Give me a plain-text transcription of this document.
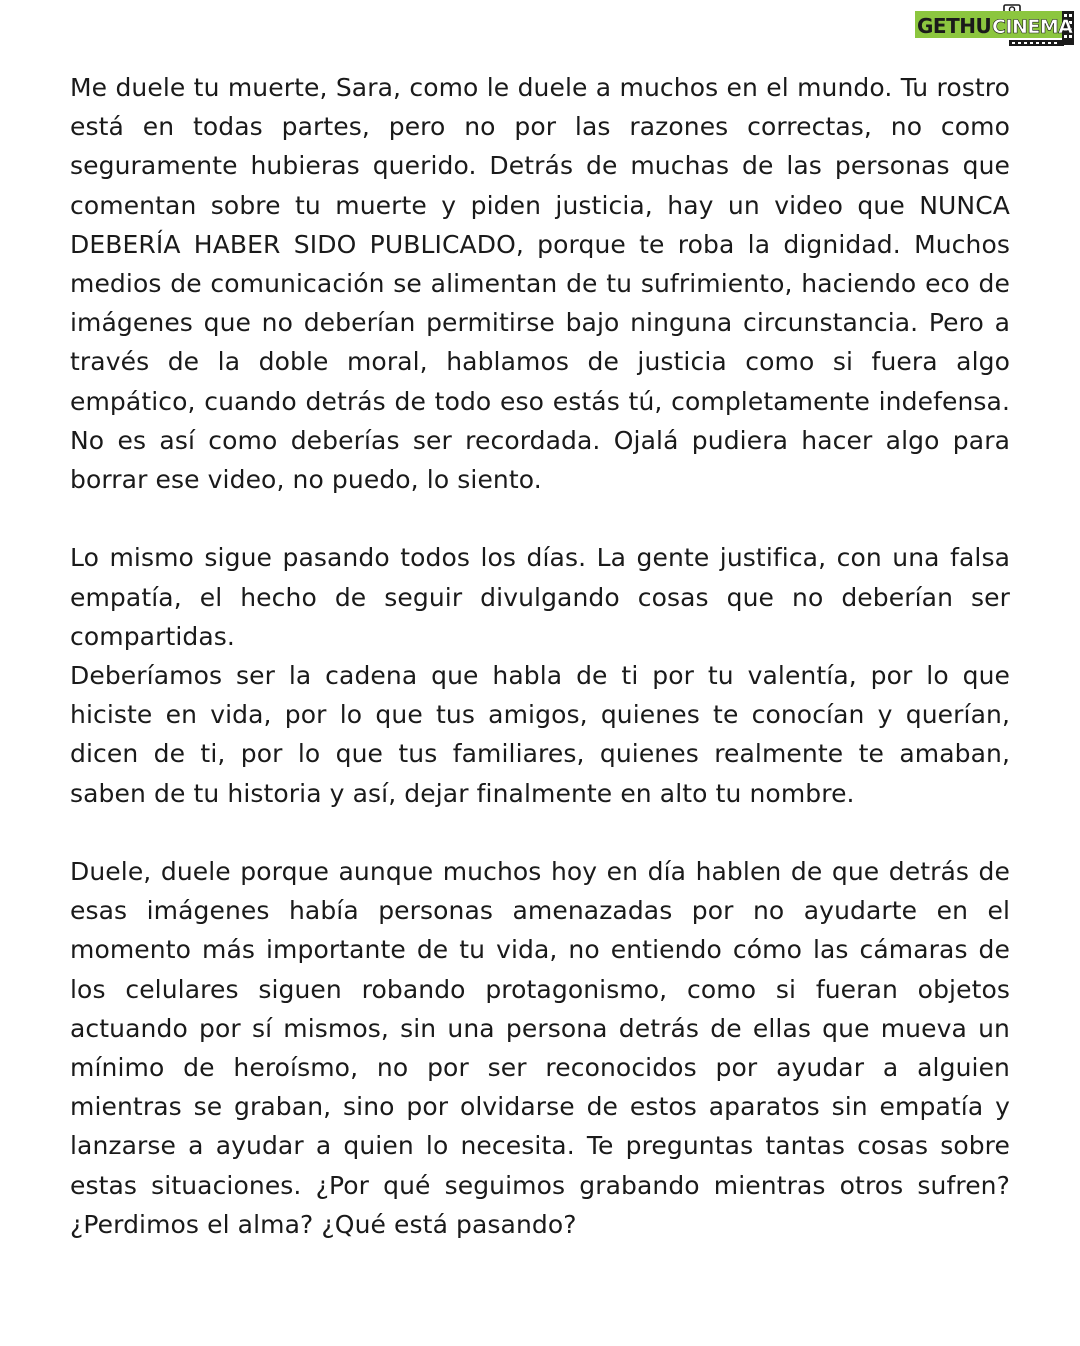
GETHU CINEMA

Me duele tu muerte, Sara, como le duele a muchos en el mundo. Tu rostro está en todas partes, pero no por las razones correctas, no como seguramente hubieras querido. Detrás de muchas de las personas que comentan sobre tu muerte y piden justicia, hay un video que NUNCA DEBERÍA HABER SIDO PUBLICADO, porque te roba la dignidad. Muchos medios de comunicación se alimentan de tu sufrimiento, haciendo eco de imágenes que no deberían permitirse bajo ninguna circunstancia. Pero a través de la doble moral, hablamos de justicia como si fuera algo empático, cuando detrás de todo eso estás tú, completamente indefensa. No es así como deberías ser recordada. Ojalá pudiera hacer algo para borrar ese video, no puedo, lo siento.

Lo mismo sigue pasando todos los días. La gente justifica, con una falsa empatía, el hecho de seguir divulgando cosas que no deberían ser compartidas.

Deberíamos ser la cadena que habla de ti por tu valentía, por lo que hiciste en vida, por lo que tus amigos, quienes te conocían y querían, dicen de ti, por lo que tus familiares, quienes realmente te amaban, saben de tu historia y así, dejar finalmente en alto tu nombre.

Duele, duele porque aunque muchos hoy en día hablen de que detrás de esas imágenes había personas amenazadas por no ayudarte en el momento más importante de tu vida, no entiendo cómo las cámaras de los celulares siguen robando protagonismo, como si fueran objetos actuando por sí mismos, sin una persona detrás de ellas que mueva un mínimo de heroísmo, no por ser reconocidos por ayudar a alguien mientras se graban, sino por olvidarse de estos aparatos sin empatía y lanzarse a ayudar a quien lo necesita. Te preguntas tantas cosas sobre estas situaciones. ¿Por qué seguimos grabando mientras otros sufren? ¿Perdimos el alma? ¿Qué está pasando?
